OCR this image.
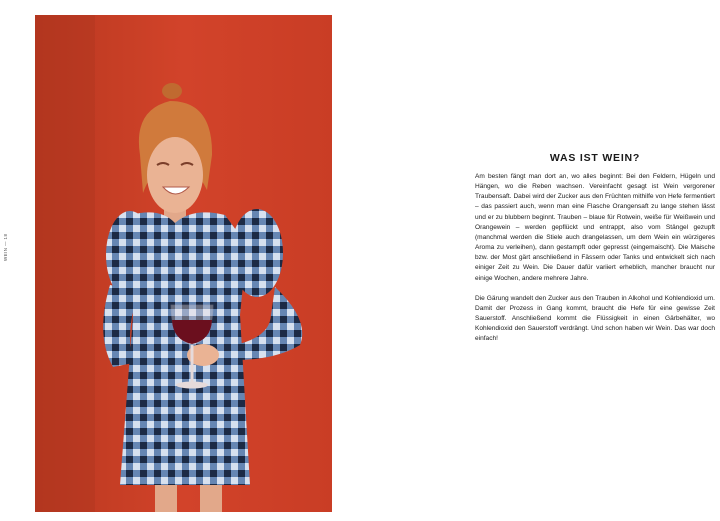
WEIN — 18
WAS IST WEIN?

Am besten fängt man dort an, wo alles beginnt: Bei den Feldern, Hügeln und Hängen, wo die Reben wachsen. Vereinfacht gesagt ist Wein vergorener Traubensaft. Dabei wird der Zucker aus den Früchten mithilfe von Hefe fermentiert – das passiert auch, wenn man eine Flasche Orangensaft zu lange stehen lässt und er zu blubbern beginnt. Trauben – blaue für Rotwein, weiße für Weißwein und Orangewein – werden gepflückt und entrappt, also vom Stängel gezupft (manchmal werden die Stiele auch drangelassen, um dem Wein ein würzigeres Aroma zu verleihen), dann gestampft oder gepresst (eingemaischt). Die Maische bzw. der Most gärt anschließend in Fässern oder Tanks und entwickelt sich nach einiger Zeit zu Wein. Die Dauer dafür variiert erheblich, mancher braucht nur einige Wochen, andere mehrere Jahre.

Die Gärung wandelt den Zucker aus den Trauben in Alkohol und Kohlendioxid um. Damit der Prozess in Gang kommt, braucht die Hefe für eine gewisse Zeit Sauerstoff. Anschließend kommt die Flüssigkeit in einen Gärbehälter, wo Kohlendioxid den Sauerstoff verdrängt. Und schon haben wir Wein. Das war doch einfach!
